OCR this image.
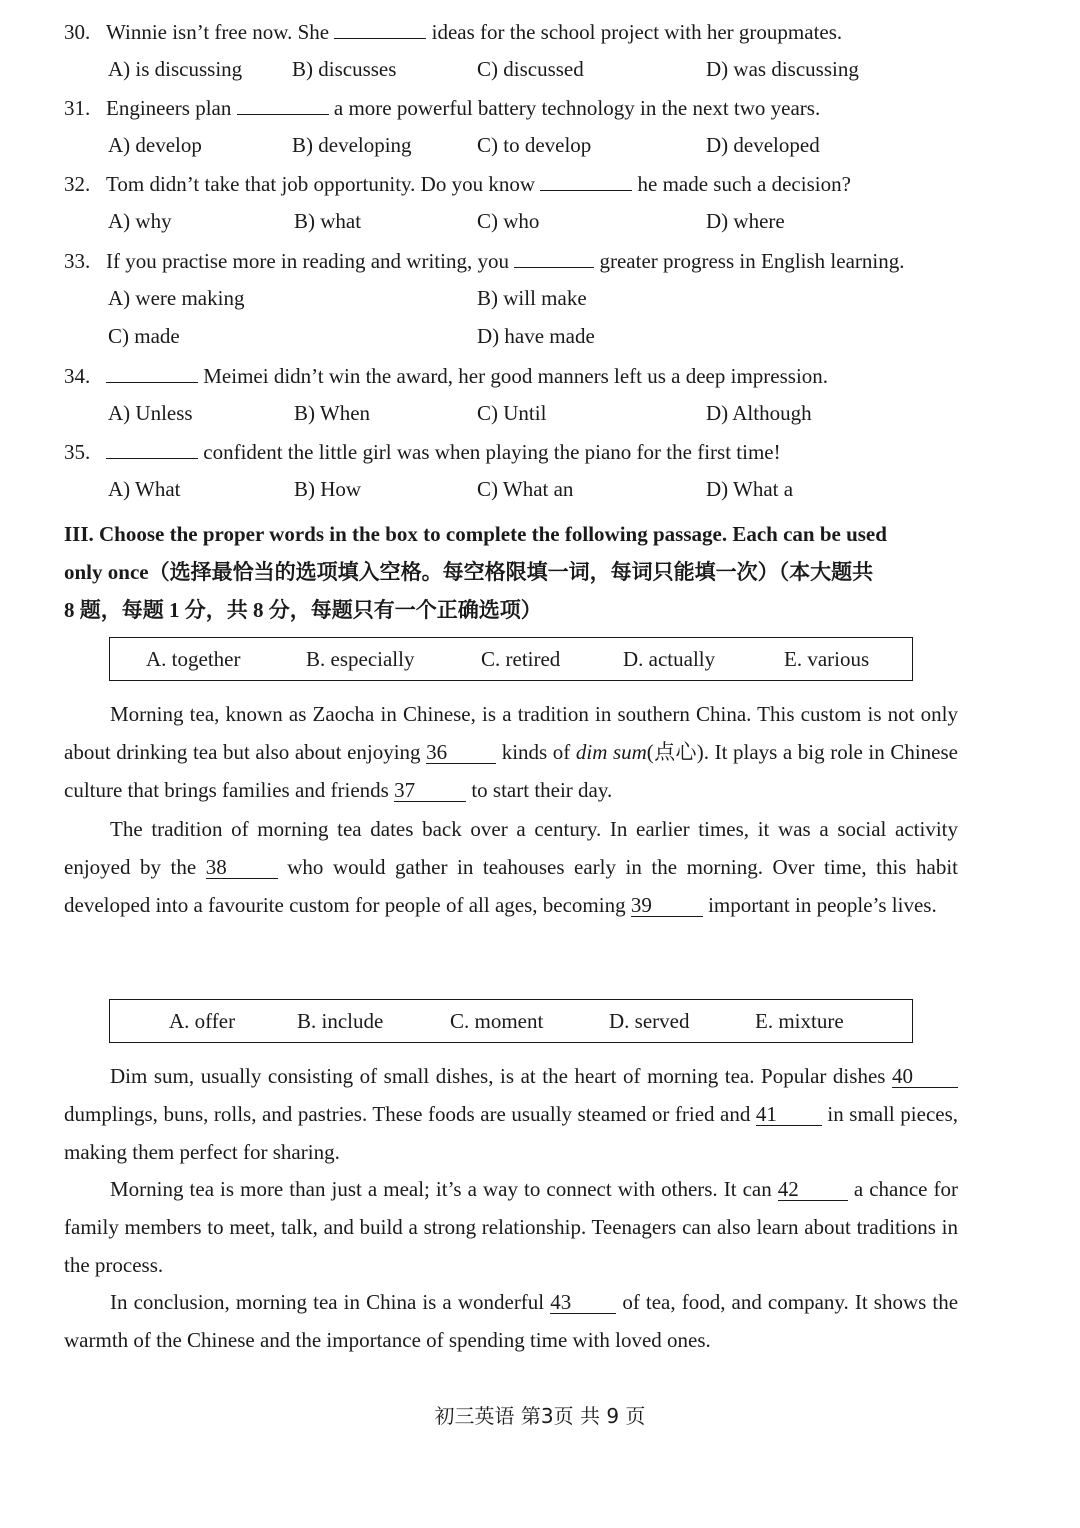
30. Winnie isn’t free now. She	ideas for the school project with her groupmates.
A) is discussing B) discusses	C) discussed	D) was discussing
31. Engineers plan	a more powerful battery technology in the next two years.
A) develop	B) developing	C) to develop	D) developed
32. Tom didn’t take that job opportunity. Do you know	he made such a decision?
A) why	B) what	C) who	D) where
33. If you practise more in reading and writing, you	greater progress in English learning.
A) were making	B) will make
C) made	D) have made
34.	Meimei didn’t win the award, her good manners left us a deep impression.
A) Unless	B) When	C) Until	D) Although
35.	confident the little girl was when playing the piano for the first time!
A) What	B) How	C) What an	D) What a
III. Choose the proper words in the box to complete the following passage. Each can be used
only once（选择最恰当的选项填入空格。每空格限填一词，每词只能填一次）（本大题共
8 题，每题 1 分，共 8 分，每题只有一个正确选项）
A. together	B. especially	C. retired	D. actually	E. various
Morning tea, known as Zaocha in Chinese, is a tradition in southern China. This custom is not only about drinking tea but also about enjoying 36	kinds of dim sum(点心). It plays a big role in Chinese culture that brings families and friends 37	to start their day.
The tradition of morning tea dates back over a century. In earlier times, it was a social activity enjoyed by the 38	who would gather in teahouses early in the morning. Over time, this habit developed into a favourite custom for people of all ages, becoming 39	important in people’s lives.
A. offer	B. include	C. moment	D. served	E. mixture
Dim sum, usually consisting of small dishes, is at the heart of morning tea. Popular dishes 40 dumplings, buns, rolls, and pastries. These foods are usually steamed or fried and 41 in small pieces, making them perfect for sharing.
Morning tea is more than just a meal; it’s a way to connect with others. It can 42	a chance for family members to meet, talk, and build a strong relationship. Teenagers can also learn about traditions in the process.
In conclusion, morning tea in China is a wonderful 43 of tea, food, and company. It shows the warmth of the Chinese and the importance of spending time with loved ones.
初三英语 第3页 共 9 页
